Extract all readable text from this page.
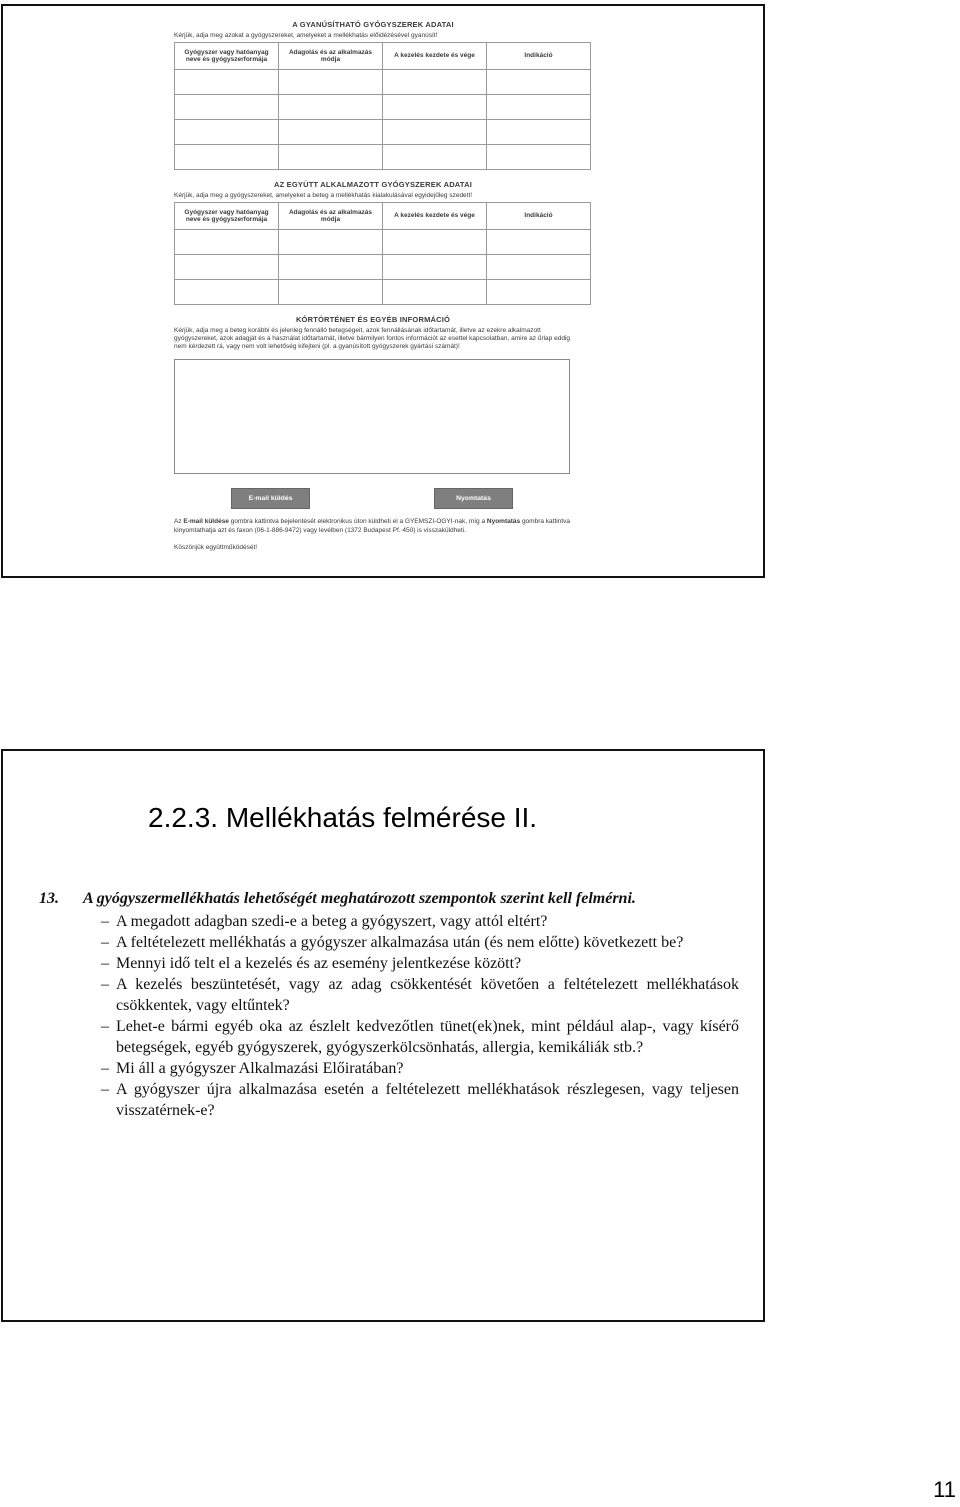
A GYANÚSÍTHATÓ GYÓGYSZEREK ADATAI
Kérjük, adja meg azokat a gyógyszereket, amelyeket a mellékhatás előidézésével gyanúsít!
Gyógyszer vagy hatóanyag neve és gyógyszerformája	Adagolás és az alkalmazás módja	A kezelés kezdete és vége	Indikáció

AZ EGYÜTT ALKALMAZOTT GYÓGYSZEREK ADATAI
Kérjük, adja meg a gyógyszereket, amelyeket a beteg a mellékhatás kialakulásával egyidejűleg szedett!
Gyógyszer vagy hatóanyag neve és gyógyszerformája	Adagolás és az alkalmazás módja	A kezelés kezdete és vége	Indikáció

KÓRTÖRTÉNET ÉS EGYÉB INFORMÁCIÓ
Kérjük, adja meg a beteg korábbi és jelenleg fennálló betegségeit, azok fennállásának időtartamát, illetve az ezekre alkalmazott gyógyszereket, azok adagját és a használat időtartamát, illetve bármilyen fontos információt az esettel kapcsolatban, amire az űrlap eddig nem kérdezett rá, vagy nem volt lehetőség kifejteni (pl. a gyanúsított gyógyszerek gyártási számát)!
E-mail küldés	Nyomtatás
Az E-mail küldése gombra kattintva bejelentését elektronikus úton küldheti el a GYEMSZI-OGYI-nak, míg a Nyomtatás gombra kattintva kinyomtathatja azt és faxon (06-1-886-9472) vagy levélben (1372 Budapest Pf. 450) is visszaküldheti.
Köszönjük együttműködését!
2.2.3. Mellékhatás felmérése II.
13.	A gyógyszermellékhatás lehetőségét meghatározott szempontok szerint kell felmérni.
– A megadott adagban szedi-e a beteg a gyógyszert, vagy attól eltért?
– A feltételezett mellékhatás a gyógyszer alkalmazása után (és nem előtte) következett be?
– Mennyi idő telt el a kezelés és az esemény jelentkezése között?
– A kezelés beszüntetését, vagy az adag csökkentését követően a feltételezett mellékhatások csökkentek, vagy eltűntek?
– Lehet-e bármi egyéb oka az észlelt kedvezőtlen tünet(ek)nek, mint például alap-, vagy kísérő betegségek, egyéb gyógyszerek, gyógyszerkölcsönhatás, allergia, kemikáliák stb.?
– Mi áll a gyógyszer Alkalmazási Előiratában?
– A gyógyszer újra alkalmazása esetén a feltételezett mellékhatások részlegesen, vagy teljesen visszatérnek-e?
11
